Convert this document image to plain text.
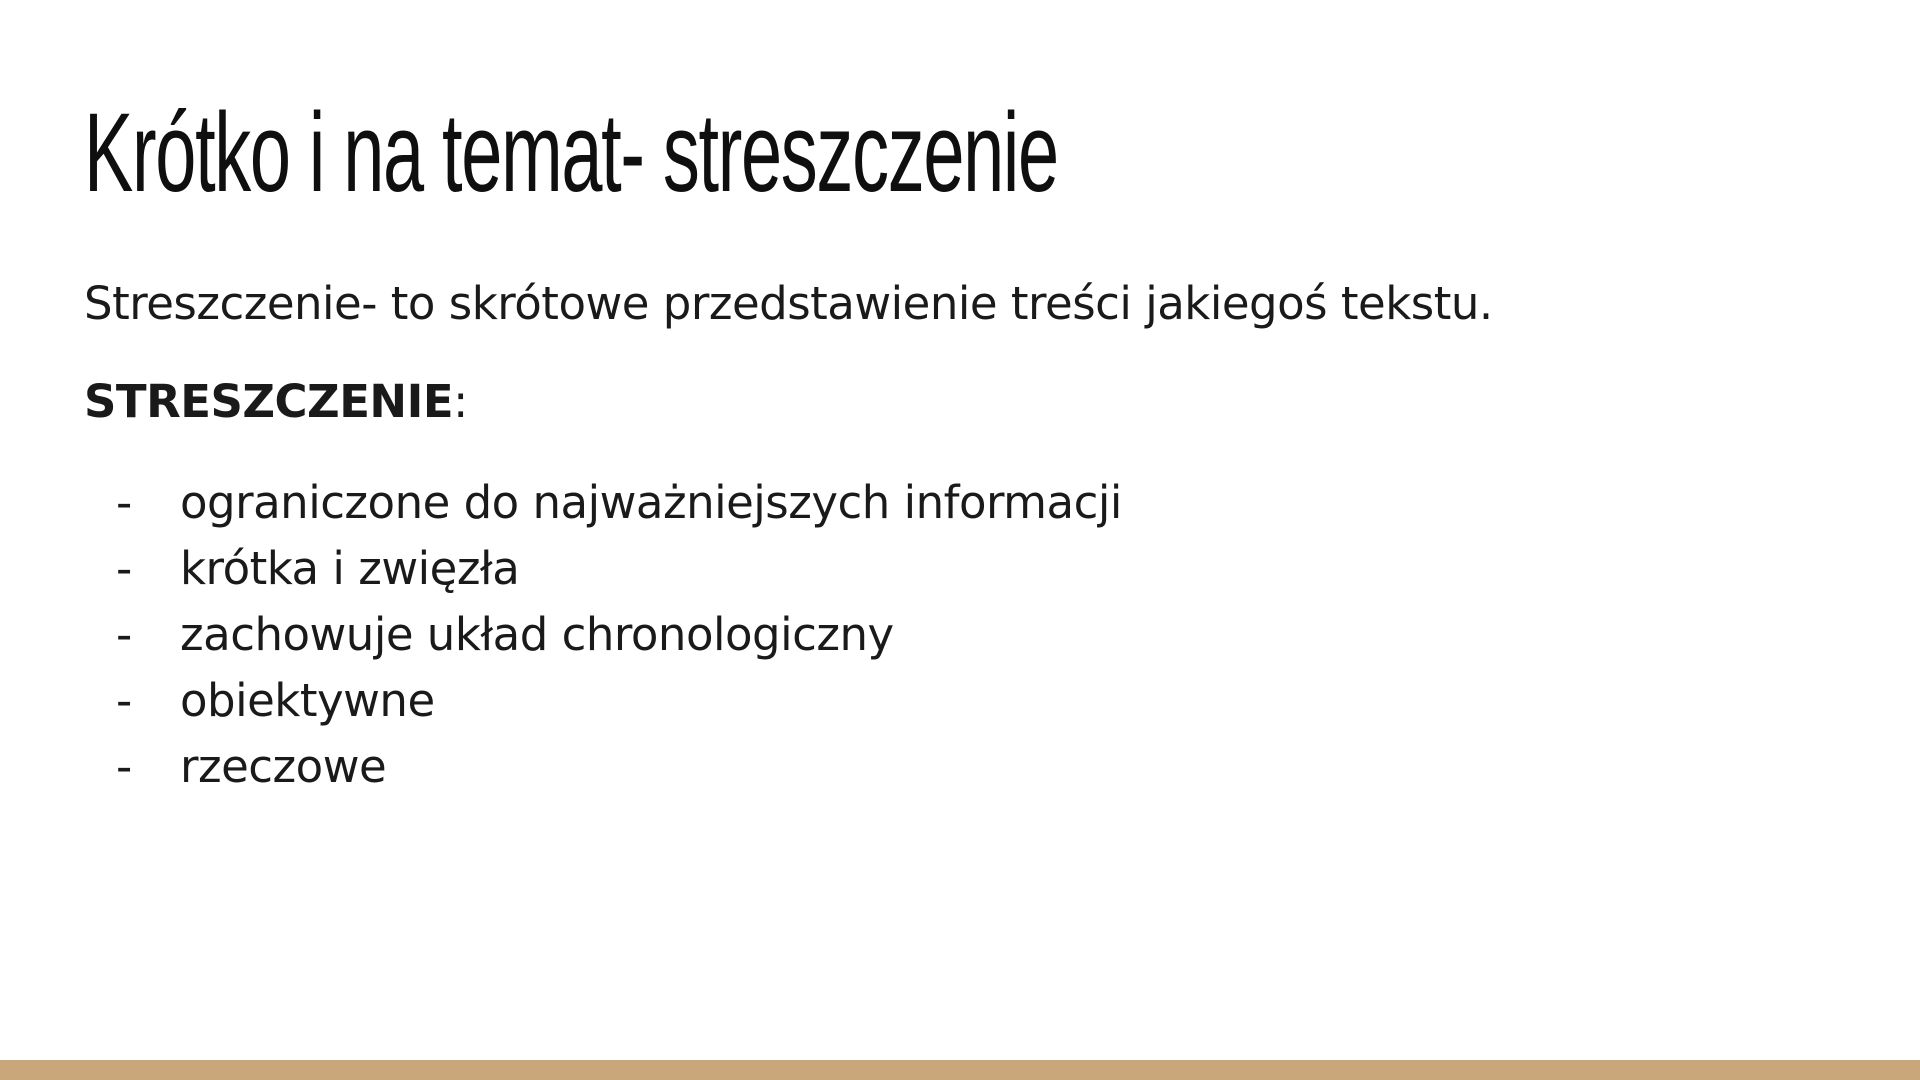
Krótko i na temat- streszczenie

Streszczenie- to skrótowe przedstawienie treści jakiegoś tekstu.

STRESZCZENIE:

- ograniczone do najważniejszych informacji
- krótka i zwięzła
- zachowuje układ chronologiczny
- obiektywne
- rzeczowe
